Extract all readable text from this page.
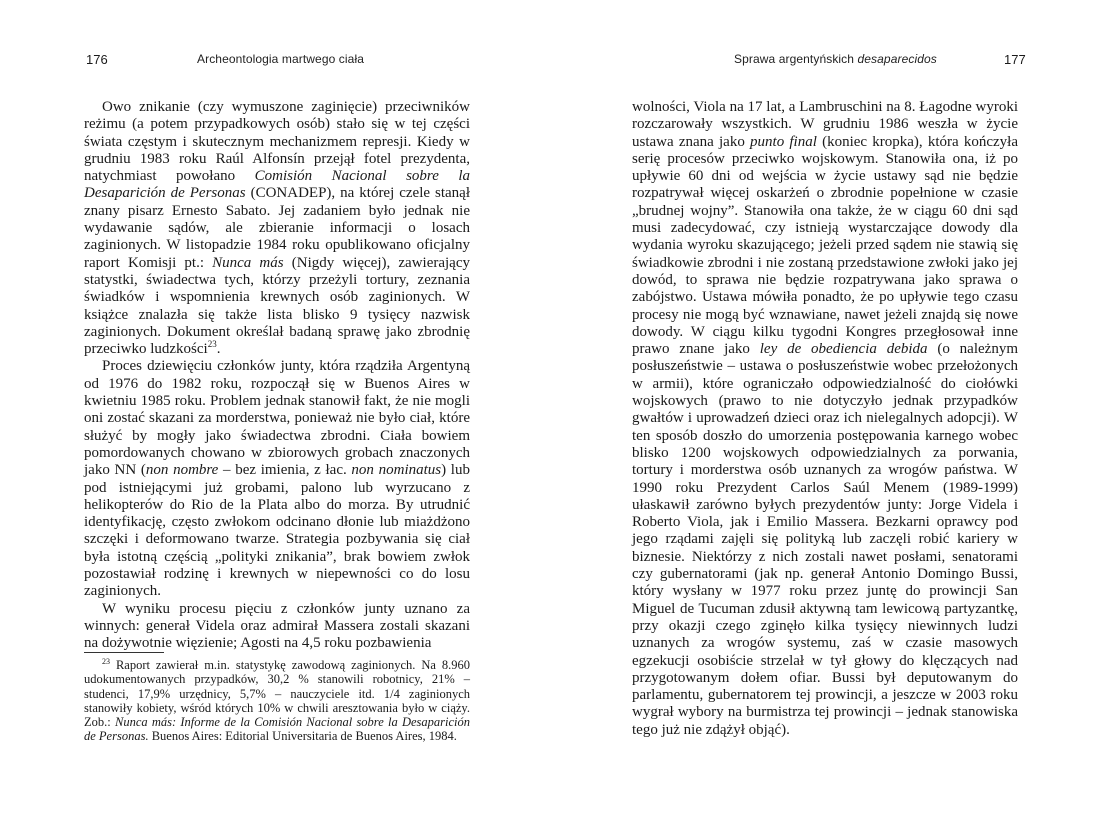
176	Archeontologia martwego ciała

Owo znikanie (czy wymuszone zaginięcie) przeciwników reżimu (a potem przypadkowych osób) stało się w tej części świata częstym i skutecznym mechanizmem represji. Kiedy w grudniu 1983 roku Raúl Alfonsín przejął fotel prezydenta, natychmiast powołano Comisión Nacional sobre la Desaparición de Personas (CONADEP), na której czele stanął znany pisarz Ernesto Sabato. Jej zadaniem było jednak nie wydawanie sądów, ale zbieranie informacji o losach zaginionych. W listopadzie 1984 roku opublikowano oficjalny raport Komisji pt.: Nunca más (Nigdy więcej), zawierający statystki, świadectwa tych, którzy przeżyli tortury, zeznania świadków i wspomnienia krewnych osób zaginionych. W książce znalazła się także lista blisko 9 tysięcy nazwisk zaginionych. Dokument określał badaną sprawę jako zbrodnię przeciwko ludzkości$^{23}$.

Proces dziewięciu członków junty, która rządziła Argentyną od 1976 do 1982 roku, rozpoczął się w Buenos Aires w kwietniu 1985 roku. Problem jednak stanowił fakt, że nie mogli oni zostać skazani za morderstwa, ponieważ nie było ciał, które służyć by mogły jako świadectwa zbrodni. Ciała bowiem pomordowanych chowano w zbiorowych grobach znaczonych jako NN (non nombre – bez imienia, z łac. non nominatus) lub pod istniejącymi już grobami, palono lub wyrzucano z helikopterów do Rio de la Plata albo do morza. By utrudnić identyfikację, często zwłokom odcinano dłonie lub miażdżono szczęki i deformowano twarze. Strategia pozbywania się ciał była istotną częścią „polityki znikania”, brak bowiem zwłok pozostawiał rodzinę i krewnych w niepewności co do losu zaginionych.

W wyniku procesu pięciu z członków junty uznano za winnych: generał Videla oraz admirał Massera zostali skazani na dożywotnie więzienie; Agosti na 4,5 roku pozbawienia

$^{23}$ Raport zawierał m.in. statystykę zawodową zaginionych. Na 8.960 udokumentowanych przypadków, 30,2 % stanowili robotnicy, 21% – studenci, 17,9% urzędnicy, 5,7% – nauczyciele itd. 1/4 zaginionych stanowiły kobiety, wśród których 10% w chwili aresztowania było w ciąży. Zob.: Nunca más: Informe de la Comisión Nacional sobre la Desaparición de Personas. Buenos Aires: Editorial Universitaria de Buenos Aires, 1984.

Sprawa argentyńskich desaparecidos	177

wolności, Viola na 17 lat, a Lambruschini na 8. Łagodne wyroki rozczarowały wszystkich. W grudniu 1986 weszła w życie ustawa znana jako punto final (koniec kropka), która kończyła serię procesów przeciwko wojskowym. Stanowiła ona, iż po upływie 60 dni od wejścia w życie ustawy sąd nie będzie rozpatrywał więcej oskarżeń o zbrodnie popełnione w czasie „brudnej wojny”. Stanowiła ona także, że w ciągu 60 dni sąd musi zadecydować, czy istnieją wystarczające dowody dla wydania wyroku skazującego; jeżeli przed sądem nie stawią się świadkowie zbrodni i nie zostaną przedstawione zwłoki jako jej dowód, to sprawa nie będzie rozpatrywana jako sprawa o zabójstwo. Ustawa mówiła ponadto, że po upływie tego czasu procesy nie mogą być wznawiane, nawet jeżeli znajdą się nowe dowody. W ciągu kilku tygodni Kongres przegłosował inne prawo znane jako ley de obediencia debida (o należnym posłuszeństwie – ustawa o posłuszeństwie wobec przełożonych w armii), które ograniczało odpowiedzialność do ciołówki wojskowych (prawo to nie dotyczyło jednak przypadków gwałtów i uprowadzeń dzieci oraz ich nielegalnych adopcji). W ten sposób doszło do umorzenia postępowania karnego wobec blisko 1200 wojskowych odpowiedzialnych za porwania, tortury i morderstwa osób uznanych za wrogów państwa. W 1990 roku Prezydent Carlos Saúl Menem (1989-1999) ułaskawił zarówno byłych prezydentów junty: Jorge Videla i Roberto Viola, jak i Emilio Massera. Bezkarni oprawcy pod jego rządami zajęli się polityką lub zaczęli robić kariery w biznesie. Niektórzy z nich zostali nawet posłami, senatorami czy gubernatorami (jak np. generał Antonio Domingo Bussi, który wysłany w 1977 roku przez juntę do prowincji San Miguel de Tucuman zdusił aktywną tam lewicową partyzantkę, przy okazji czego zginęło kilka tysięcy niewinnych ludzi uznanych za wrogów systemu, zaś w czasie masowych egzekucji osobiście strzelał w tył głowy do klęczących nad przygotowanym dołem ofiar. Bussi był deputowanym do parlamentu, gubernatorem tej prowincji, a jeszcze w 2003 roku wygrał wybory na burmistrza tej prowincji – jednak stanowiska tego już nie zdążył objąć).
